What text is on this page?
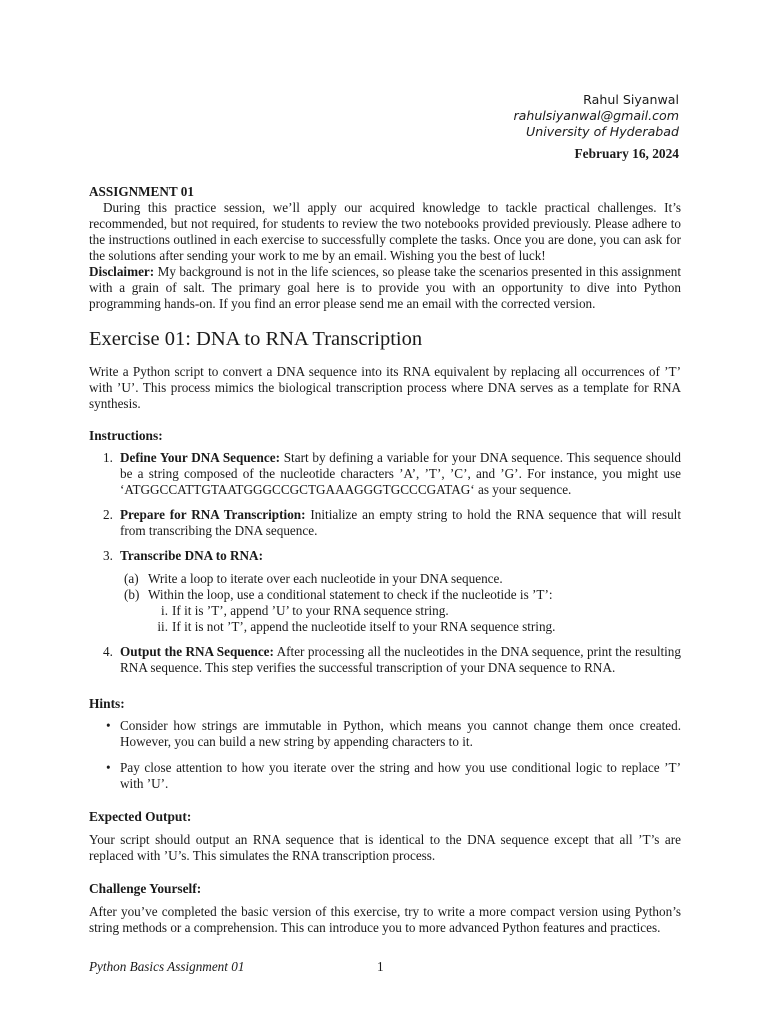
Rahul Siyanwal
rahulsiyanwal@gmail.com
University of Hyderabad
February 16, 2024
ASSIGNMENT 01
During this practice session, we’ll apply our acquired knowledge to tackle practical challenges. It’s recommended, but not required, for students to review the two notebooks provided previously. Please adhere to the instructions outlined in each exercise to successfully complete the tasks. Once you are done, you can ask for the solutions after sending your work to me by an email. Wishing you the best of luck!
Disclaimer: My background is not in the life sciences, so please take the scenarios presented in this assignment with a grain of salt. The primary goal here is to provide you with an opportunity to dive into Python programming hands-on. If you find an error please send me an email with the corrected version.
Exercise 01: DNA to RNA Transcription
Write a Python script to convert a DNA sequence into its RNA equivalent by replacing all occurrences of ’T’ with ’U’. This process mimics the biological transcription process where DNA serves as a template for RNA synthesis.
Instructions:
1. Define Your DNA Sequence: Start by defining a variable for your DNA sequence. This sequence should be a string composed of the nucleotide characters ’A’, ’T’, ’C’, and ’G’. For instance, you might use ‘ATGGCCATTGTAATGGGCCGCTGAAAGGGTGCCCGATAG‘ as your sequence.
2. Prepare for RNA Transcription: Initialize an empty string to hold the RNA sequence that will result from transcribing the DNA sequence.
3. Transcribe DNA to RNA:
(a) Write a loop to iterate over each nucleotide in your DNA sequence.
(b) Within the loop, use a conditional statement to check if the nucleotide is ’T’:
i. If it is ’T’, append ’U’ to your RNA sequence string.
ii. If it is not ’T’, append the nucleotide itself to your RNA sequence string.
4. Output the RNA Sequence: After processing all the nucleotides in the DNA sequence, print the resulting RNA sequence. This step verifies the successful transcription of your DNA sequence to RNA.
Hints:
• Consider how strings are immutable in Python, which means you cannot change them once created. However, you can build a new string by appending characters to it.
• Pay close attention to how you iterate over the string and how you use conditional logic to replace ’T’ with ’U’.
Expected Output:
Your script should output an RNA sequence that is identical to the DNA sequence except that all ’T’s are replaced with ’U’s. This simulates the RNA transcription process.
Challenge Yourself:
After you’ve completed the basic version of this exercise, try to write a more compact version using Python’s string methods or a comprehension. This can introduce you to more advanced Python features and practices.
Python Basics Assignment 01	1
